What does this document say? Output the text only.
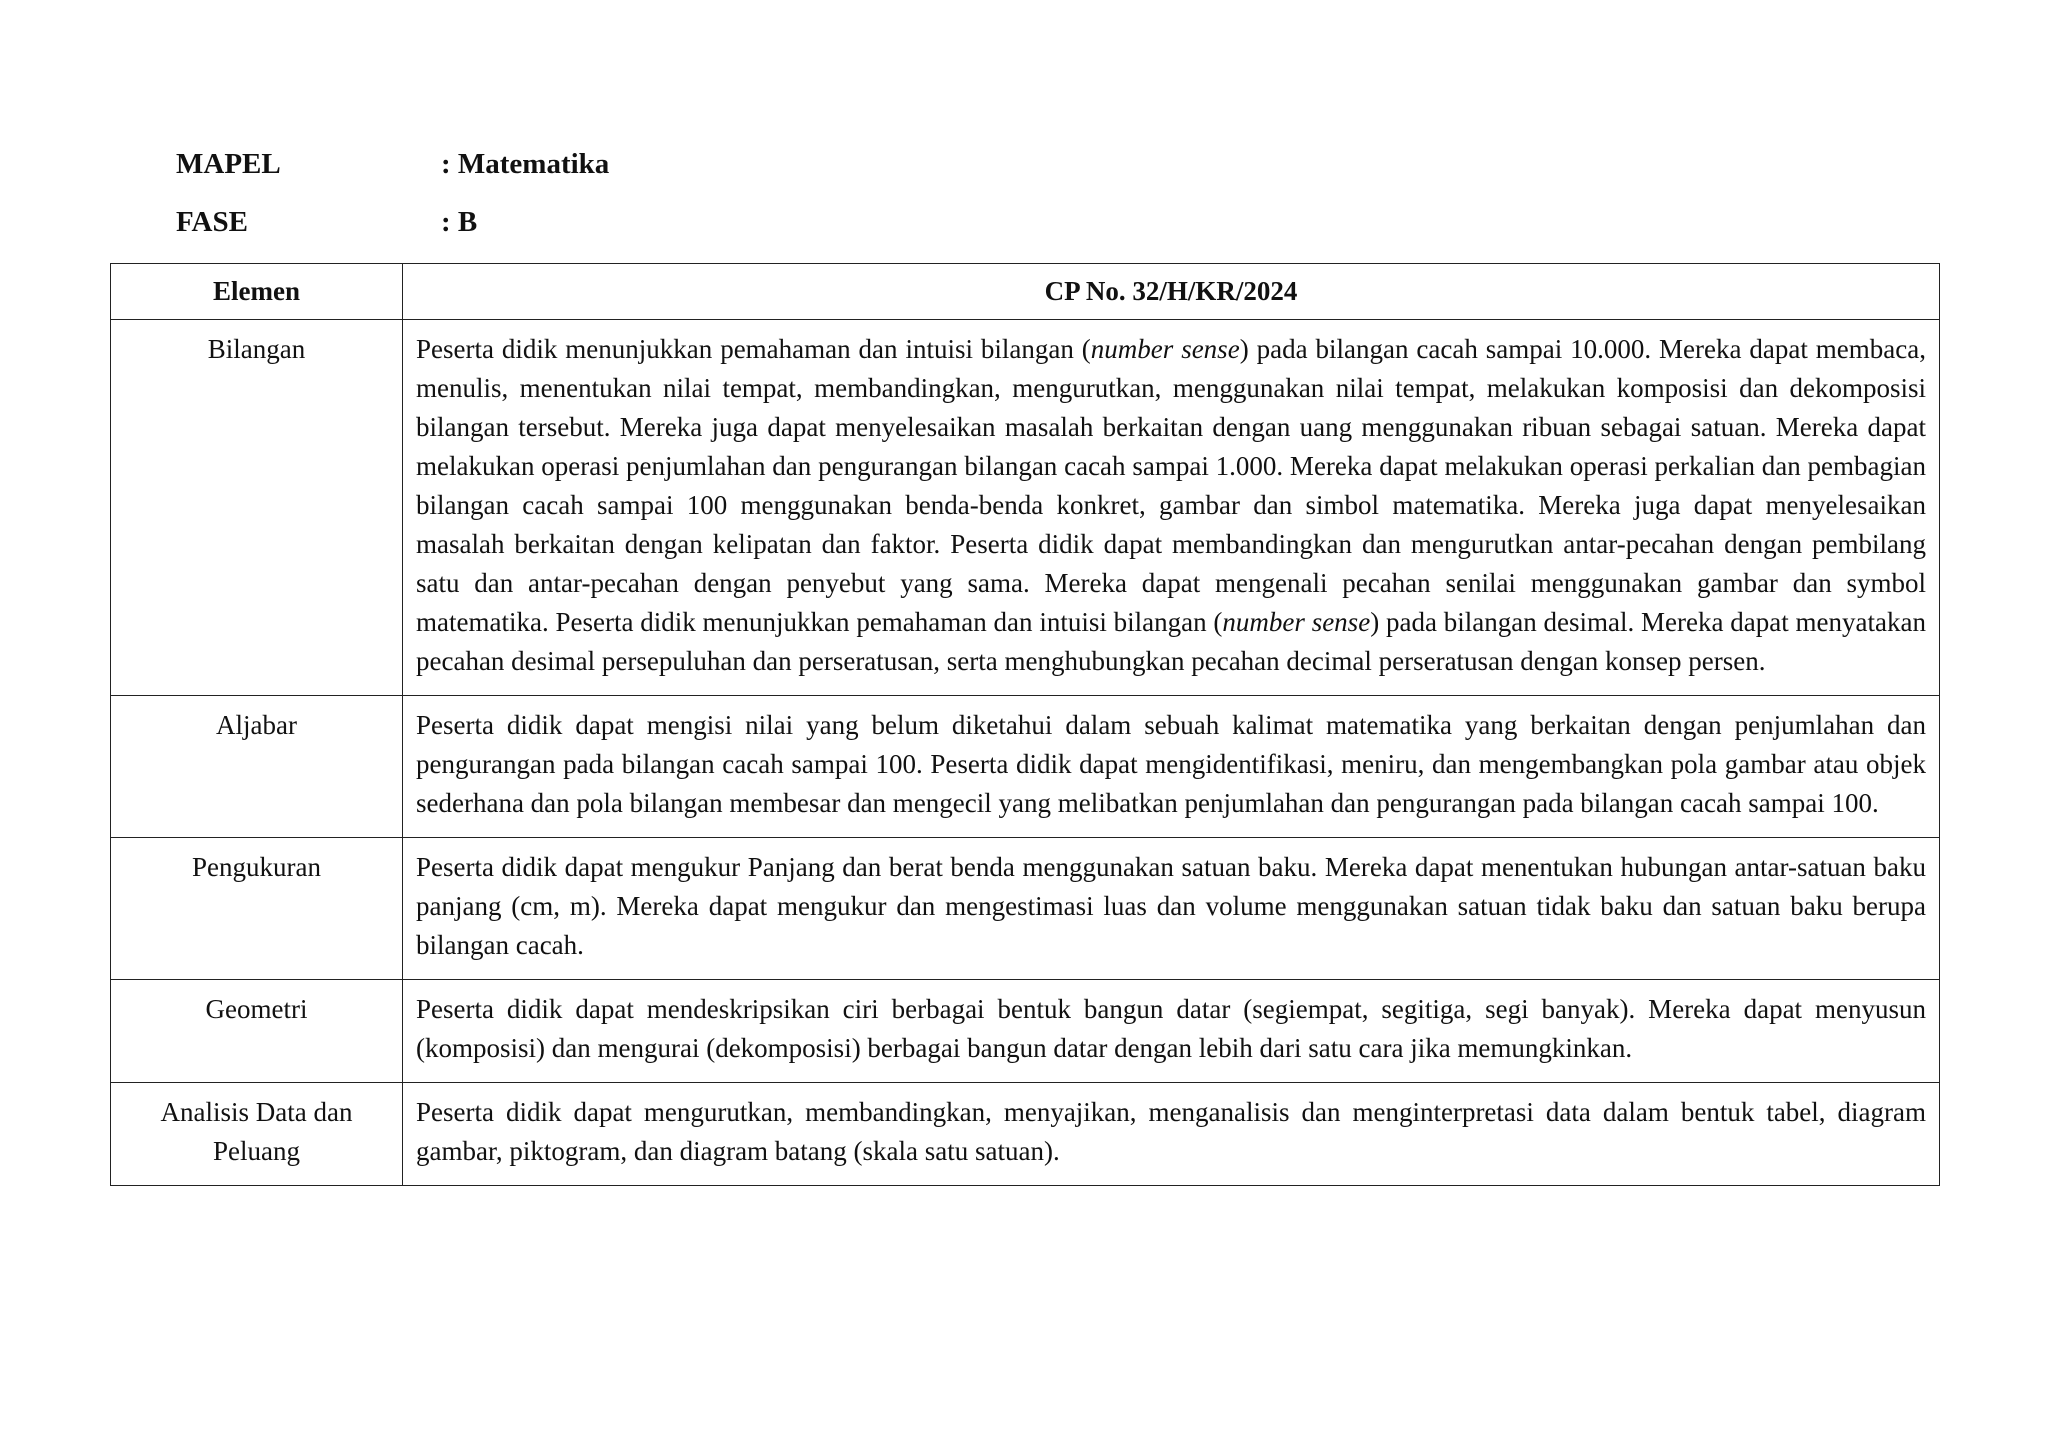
MAPEL	: Matematika
FASE	: B
Elemen	CP No. 32/H/KR/2024
Bilangan	Peserta didik menunjukkan pemahaman dan intuisi bilangan (number sense) pada bilangan cacah sampai 10.000. Mereka dapat membaca, menulis, menentukan nilai tempat, membandingkan, mengurutkan, menggunakan nilai tempat, melakukan komposisi dan dekomposisi bilangan tersebut. Mereka juga dapat menyelesaikan masalah berkaitan dengan uang menggunakan ribuan sebagai satuan. Mereka dapat melakukan operasi penjumlahan dan pengurangan bilangan cacah sampai 1.000. Mereka dapat melakukan operasi perkalian dan pembagian bilangan cacah sampai 100 menggunakan benda-benda konkret, gambar dan simbol matematika. Mereka juga dapat menyelesaikan masalah berkaitan dengan kelipatan dan faktor. Peserta didik dapat membandingkan dan mengurutkan antar-pecahan dengan pembilang satu dan antar-pecahan dengan penyebut yang sama. Mereka dapat mengenali pecahan senilai menggunakan gambar dan symbol matematika. Peserta didik menunjukkan pemahaman dan intuisi bilangan (number sense) pada bilangan desimal. Mereka dapat menyatakan pecahan desimal persepuluhan dan perseratusan, serta menghubungkan pecahan decimal perseratusan dengan konsep persen.
Aljabar	Peserta didik dapat mengisi nilai yang belum diketahui dalam sebuah kalimat matematika yang berkaitan dengan penjumlahan dan pengurangan pada bilangan cacah sampai 100. Peserta didik dapat mengidentifikasi, meniru, dan mengembangkan pola gambar atau objek sederhana dan pola bilangan membesar dan mengecil yang melibatkan penjumlahan dan pengurangan pada bilangan cacah sampai 100.
Pengukuran	Peserta didik dapat mengukur Panjang dan berat benda menggunakan satuan baku. Mereka dapat menentukan hubungan antar-satuan baku panjang (cm, m). Mereka dapat mengukur dan mengestimasi luas dan volume menggunakan satuan tidak baku dan satuan baku berupa bilangan cacah.
Geometri	Peserta didik dapat mendeskripsikan ciri berbagai bentuk bangun datar (segiempat, segitiga, segi banyak). Mereka dapat menyusun (komposisi) dan mengurai (dekomposisi) berbagai bangun datar dengan lebih dari satu cara jika memungkinkan.
Analisis Data dan Peluang	Peserta didik dapat mengurutkan, membandingkan, menyajikan, menganalisis dan menginterpretasi data dalam bentuk tabel, diagram gambar, piktogram, dan diagram batang (skala satu satuan).
